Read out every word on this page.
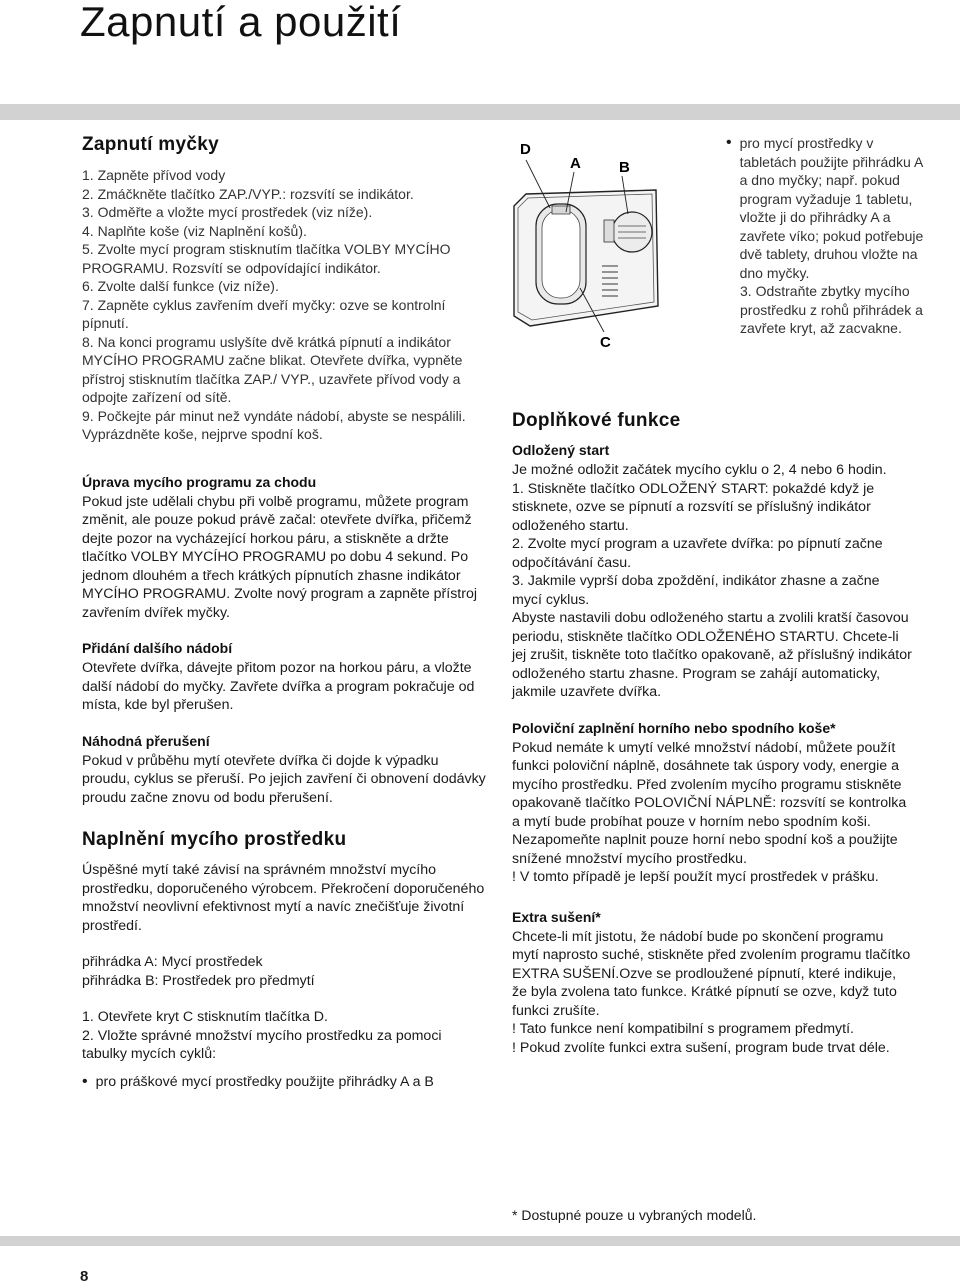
Zapnutí a použití
Zapnutí myčky
1. Zapněte přívod vody
2. Zmáčkněte tlačítko ZAP./VYP.: rozsvítí se indikátor.
3. Odměřte a vložte mycí prostředek (viz níže).
4. Naplňte koše (viz Naplnění košů).
5. Zvolte mycí program stisknutím tlačítka VOLBY MYCÍHO PROGRAMU. Rozsvítí se odpovídající indikátor.
6. Zvolte další funkce (viz níže).
7. Zapněte cyklus zavřením dveří myčky: ozve se kontrolní pípnutí.
8. Na konci programu uslyšíte dvě krátká pípnutí a indikátor MYCÍHO PROGRAMU začne blikat. Otevřete dvířka, vypněte přístroj stisknutím tlačítka ZAP./ VYP., uzavřete přívod vody a odpojte zařízení od sítě.
9. Počkejte pár minut než vyndáte nádobí, abyste se nespálili. Vyprázdněte koše, nejprve spodní koš.
Úprava mycího programu za chodu

Pokud jste udělali chybu při volbě programu, můžete program změnit, ale pouze pokud právě začal: otevřete dvířka, přičemž dejte pozor na vycházející horkou páru, a stiskněte a držte tlačítko VOLBY MYCÍHO PROGRAMU po dobu 4 sekund. Po jednom dlouhém a třech krátkých pípnutích zhasne indikátor MYCÍHO PROGRAMU. Zvolte nový program a zapněte přístroj zavřením dvířek myčky.

Přidání dalšího nádobí

Otevřete dvířka, dávejte přitom pozor na horkou páru, a vložte další nádobí do myčky. Zavřete dvířka a program pokračuje od místa, kde byl přerušen.

Náhodná přerušení

Pokud v průběhu mytí otevřete dvířka či dojde k výpadku proudu, cyklus se přeruší. Po jejich zavření či obnovení dodávky proudu začne znovu od bodu přerušení.

Naplnění mycího prostředku

Úspěšné mytí také závisí na správném množství mycího prostředku, doporučeného výrobcem. Překročení doporučeného množství neovlivní efektivnost mytí a navíc znečišťuje životní prostředí.

přihrádka A: Mycí prostředek

přihrádka B: Prostředek pro předmytí

1. Otevřete kryt C stisknutím tlačítka D.

2. Vložte správné množství mycího prostředku za pomoci tabulky mycích cyklů:

• pro práškové mycí prostředky použijte přihrádky A a B

D
A	B
C
• pro mycí prostředky v tabletách použijte přihrádku A a dno myčky; např. pokud program vyžaduje 1 tabletu, vložte ji do přihrádky A a zavřete víko; pokud potřebuje dvě tablety, druhou vložte na dno myčky.

3. Odstraňte zbytky mycího prostředku z rohů přihrádek a zavřete kryt, až zacvakne.

Doplňkové funkce
Odložený start

Je možné odložit začátek mycího cyklu o 2, 4 nebo 6 hodin.
1. Stiskněte tlačítko ODLOŽENÝ START: pokaždé když je stisknete, ozve se pípnutí a rozsvítí se příslušný indikátor odloženého startu.
2. Zvolte mycí program a uzavřete dvířka: po pípnutí začne odpočítávání času.
3. Jakmile vyprší doba zpoždění, indikátor zhasne a začne mycí cyklus.
Abyste nastavili dobu odloženého startu a zvolili kratší časovou periodu, stiskněte tlačítko ODLOŽENÉHO STARTU. Chcete-li jej zrušit, tiskněte toto tlačítko opakovaně, až příslušný indikátor odloženého startu zhasne. Program se zahájí automaticky, jakmile uzavřete dvířka.

Poloviční zaplnění horního nebo spodního koše*

Pokud nemáte k umytí velké množství nádobí, můžete použít funkci poloviční náplně, dosáhnete tak úspory vody, energie a mycího prostředku. Před zvolením mycího programu stiskněte opakovaně tlačítko POLOVIČNÍ NÁPLNĚ: rozsvítí se kontrolka a mytí bude probíhat pouze v horním nebo spodním koši. Nezapomeňte naplnit pouze horní nebo spodní koš a použijte snížené množství mycího prostředku.
! V tomto případě je lepší použít mycí prostředek v prášku.

Extra sušení*

Chcete-li mít jistotu, že nádobí bude po skončení programu mytí naprosto suché, stiskněte před zvolením programu tlačítko EXTRA SUŠENÍ.Ozve se prodloužené pípnutí, které indikuje, že byla zvolena tato funkce. Krátké pípnutí se ozve, když tuto funkci zrušíte.
! Tato funkce není kompatibilní s programem předmytí.
! Pokud zvolíte funkci extra sušení, program bude trvat déle.

* Dostupné pouze u vybraných modelů.
8
